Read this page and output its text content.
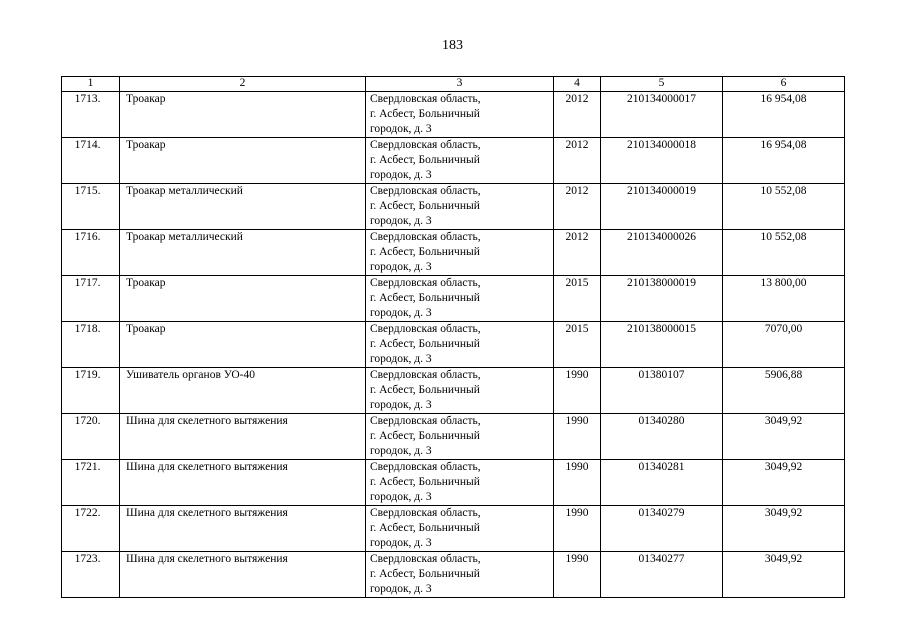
183
1	2	3	4	5	6
1713.	Троакар	Свердловская область,
г. Асбест, Больничный
городок, д. 3	2012	210134000017	16 954,08
1714.	Троакар	Свердловская область,
г. Асбест, Больничный
городок, д. 3	2012	210134000018	16 954,08
1715.	Троакар металлический	Свердловская область,
г. Асбест, Больничный
городок, д. 3	2012	210134000019	10 552,08
1716.	Троакар металлический	Свердловская область,
г. Асбест, Больничный
городок, д. 3	2012	210134000026	10 552,08
1717.	Троакар	Свердловская область,
г. Асбест, Больничный
городок, д. 3	2015	210138000019	13 800,00
1718.	Троакар	Свердловская область,
г. Асбест, Больничный
городок, д. 3	2015	210138000015	7070,00
1719.	Ушиватель органов УО-40	Свердловская область,
г. Асбест, Больничный
городок, д. 3	1990	01380107	5906,88
1720.	Шина для скелетного вытяжения	Свердловская область,
г. Асбест, Больничный
городок, д. 3	1990	01340280	3049,92
1721.	Шина для скелетного вытяжения	Свердловская область,
г. Асбест, Больничный
городок, д. 3	1990	01340281	3049,92
1722.	Шина для скелетного вытяжения	Свердловская область,
г. Асбест, Больничный
городок, д. 3	1990	01340279	3049,92
1723.	Шина для скелетного вытяжения	Свердловская область,
г. Асбест, Больничный
городок, д. 3	1990	01340277	3049,92
